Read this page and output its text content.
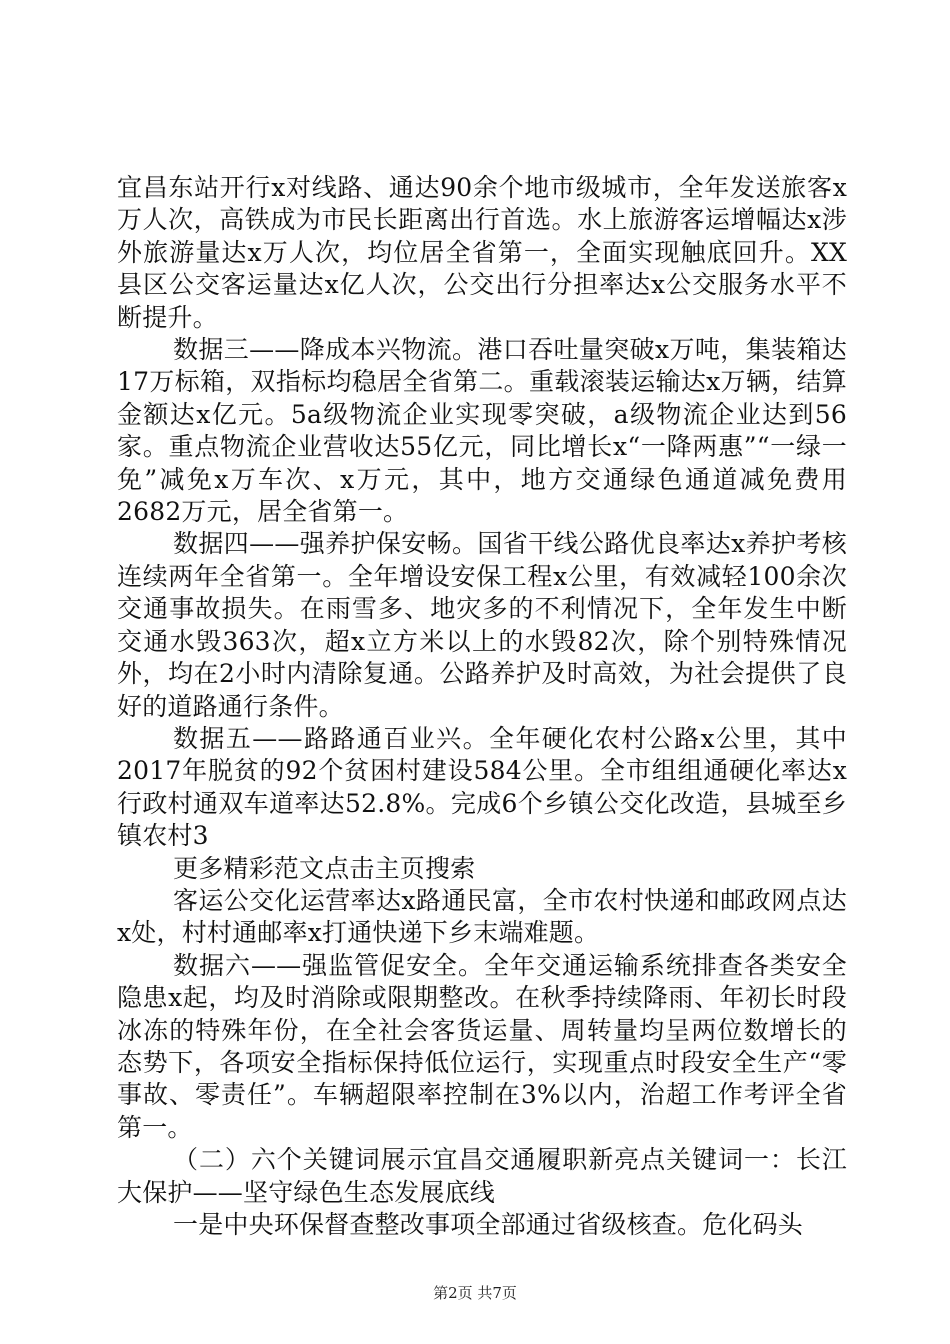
宜昌东站开行x对线路、通达90余个地市级城市，全年发送旅客x万人次，高铁成为市民长距离出行首选。水上旅游客运增幅达x涉外旅游量达x万人次，均位居全省第一，全面实现触底回升。XX县区公交客运量达x亿人次，公交出行分担率达x公交服务水平不断提升。

数据三——降成本兴物流。港口吞吐量突破x万吨，集装箱达17万标箱，双指标均稳居全省第二。重载滚装运输达x万辆，结算金额达x亿元。5a级物流企业实现零突破，a级物流企业达到56家。重点物流企业营收达55亿元，同比增长x“一降两惠”“一绿一免”减免x万车次、x万元，其中，地方交通绿色通道减免费用2682万元，居全省第一。

数据四——强养护保安畅。国省干线公路优良率达x养护考核连续两年全省第一。全年增设安保工程x公里，有效减轻100余次交通事故损失。在雨雪多、地灾多的不利情况下，全年发生中断交通水毁363次，超x立方米以上的水毁82次，除个别特殊情况外，均在2小时内清除复通。公路养护及时高效，为社会提供了良好的道路通行条件。

数据五——路路通百业兴。全年硬化农村公路x公里，其中2017年脱贫的92个贫困村建设584公里。全市组组通硬化率达x行政村通双车道率达52.8%。完成6个乡镇公交化改造，县城至乡镇农村3

更多精彩范文点击主页搜索

客运公交化运营率达x路通民富，全市农村快递和邮政网点达x处，村村通邮率x打通快递下乡末端难题。

数据六——强监管促安全。全年交通运输系统排查各类安全隐患x起，均及时消除或限期整改。在秋季持续降雨、年初长时段冰冻的特殊年份，在全社会客货运量、周转量均呈两位数增长的态势下，各项安全指标保持低位运行，实现重点时段安全生产“零事故、零责任”。车辆超限率控制在3%以内，治超工作考评全省第一。

（二）六个关键词展示宜昌交通履职新亮点关键词一：长江大保护——坚守绿色生态发展底线

一是中央环保督查整改事项全部通过省级核查。危化码头

第2页 共7页
